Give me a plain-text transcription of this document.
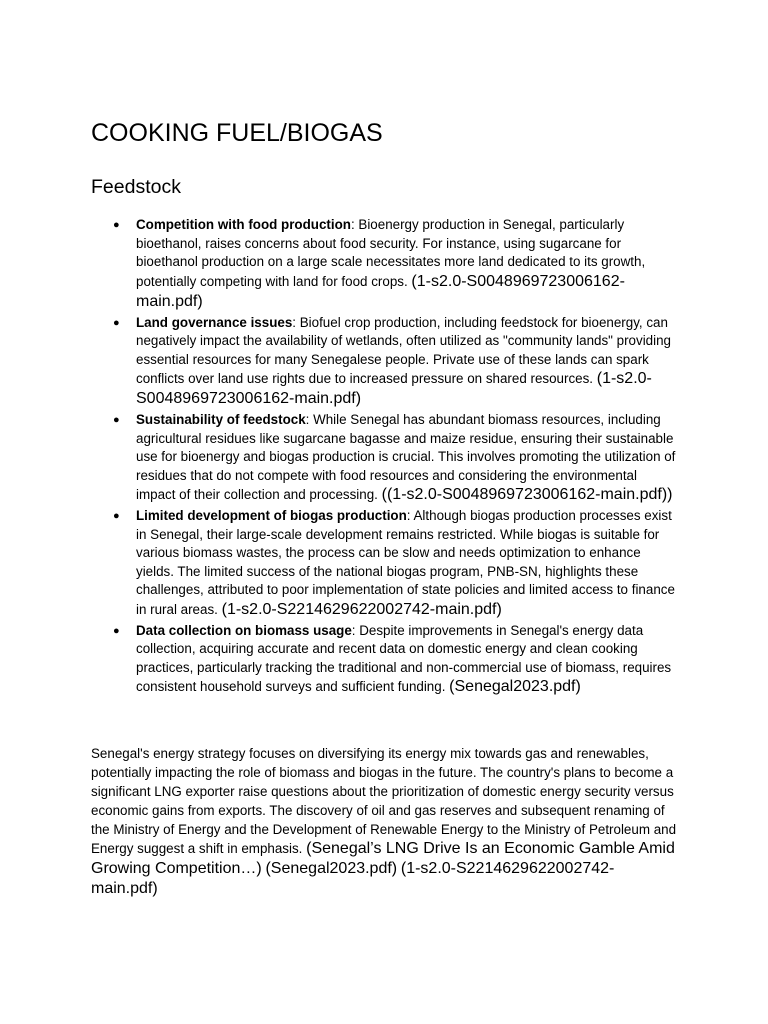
COOKING FUEL/BIOGAS
Feedstock
● Competition with food production: Bioenergy production in Senegal, particularly bioethanol, raises concerns about food security. For instance, using sugarcane for bioethanol production on a large scale necessitates more land dedicated to its growth, potentially competing with land for food crops. (1-s2.0-S0048969723006162-main.pdf)
● Land governance issues: Biofuel crop production, including feedstock for bioenergy, can negatively impact the availability of wetlands, often utilized as "community lands" providing essential resources for many Senegalese people. Private use of these lands can spark conflicts over land use rights due to increased pressure on shared resources. (1-s2.0-S0048969723006162-main.pdf)
● Sustainability of feedstock: While Senegal has abundant biomass resources, including agricultural residues like sugarcane bagasse and maize residue, ensuring their sustainable use for bioenergy and biogas production is crucial. This involves promoting the utilization of residues that do not compete with food resources and considering the environmental impact of their collection and processing. ((1-s2.0-S0048969723006162-main.pdf))
● Limited development of biogas production: Although biogas production processes exist in Senegal, their large-scale development remains restricted. While biogas is suitable for various biomass wastes, the process can be slow and needs optimization to enhance yields. The limited success of the national biogas program, PNB-SN, highlights these challenges, attributed to poor implementation of state policies and limited access to finance in rural areas. (1-s2.0-S2214629622002742-main.pdf)
● Data collection on biomass usage: Despite improvements in Senegal's energy data collection, acquiring accurate and recent data on domestic energy and clean cooking practices, particularly tracking the traditional and non-commercial use of biomass, requires consistent household surveys and sufficient funding. (Senegal2023.pdf)

Senegal's energy strategy focuses on diversifying its energy mix towards gas and renewables, potentially impacting the role of biomass and biogas in the future. The country's plans to become a significant LNG exporter raise questions about the prioritization of domestic energy security versus economic gains from exports. The discovery of oil and gas reserves and subsequent renaming of the Ministry of Energy and the Development of Renewable Energy to the Ministry of Petroleum and Energy suggest a shift in emphasis. (Senegal’s LNG Drive Is an Economic Gamble Amid Growing Competition…) (Senegal2023.pdf) (1-s2.0-S2214629622002742-main.pdf)
